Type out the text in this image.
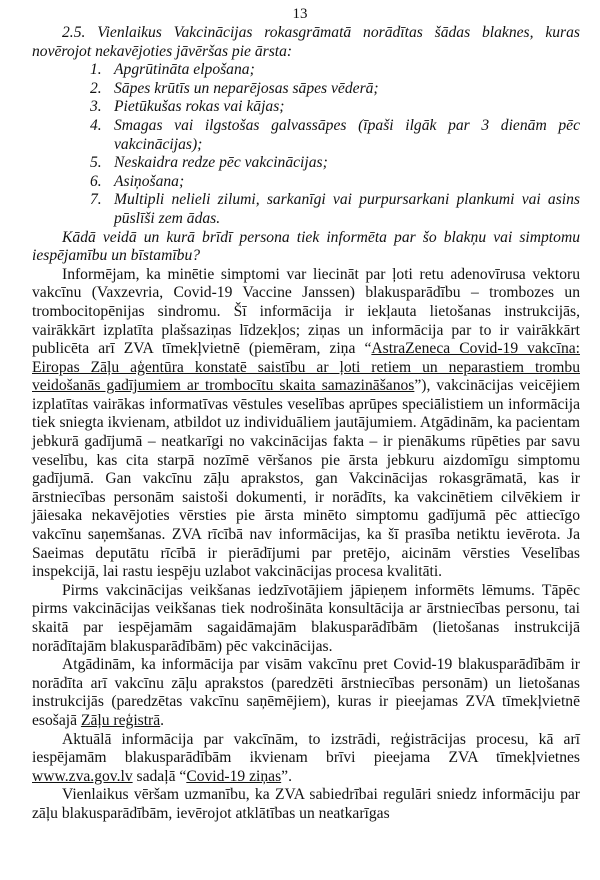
13

2.5. Vienlaikus Vakcinācijas rokasgrāmatā norādītas šādas blaknes, kuras novērojot nekavējoties jāvēršas pie ārsta:

1. Apgrūtināta elpošana;
2. Sāpes krūtīs un neparējosas sāpes vēderā;
3. Pietūkušas rokas vai kājas;
4. Smagas vai ilgstošas galvassāpes (īpaši ilgāk par 3 dienām pēc vakcinācijas);
5. Neskaidra redze pēc vakcinācijas;
6. Asiņošana;
7. Multipli nelieli zilumi, sarkanīgi vai purpursarkani plankumi vai asins pūslīši zem ādas.

Kādā veidā un kurā brīdī persona tiek informēta par šo blakņu vai simptomu iespējamību un bīstamību?

Informējam, ka minētie simptomi var liecināt par ļoti retu adenovīrusa vektoru vakcīnu (Vaxzevria, Covid-19 Vaccine Janssen) blakusparādību – trombozes un trombocitopēnijas sindromu. Šī informācija ir iekļauta lietošanas instrukcijās, vairākkārt izplatīta plašsaziņas līdzekļos; ziņas un informācija par to ir vairākkārt publicēta arī ZVA tīmekļvietnē (piemēram, ziņa “AstraZeneca Covid-19 vakcīna: Eiropas Zāļu aģentūra konstatē saistību ar ļoti retiem un neparastiem trombu veidošanās gadījumiem ar trombocītu skaita samazināšanos”), vakcinācijas veicējiem izplatītas vairākas informatīvas vēstules veselības aprūpes speciālistiem un informācija tiek sniegta ikvienam, atbildot uz individuāliem jautājumiem. Atgādinām, ka pacientam jebkurā gadījumā – neatkarīgi no vakcinācijas fakta – ir pienākums rūpēties par savu veselību, kas cita starpā nozīmē vēršanos pie ārsta jebkuru aizdomīgu simptomu gadījumā. Gan vakcīnu zāļu aprakstos, gan Vakcinācijas rokasgrāmatā, kas ir ārstniecības personām saistoši dokumenti, ir norādīts, ka vakcinētiem cilvēkiem ir jāiesaka nekavējoties vērsties pie ārsta minēto simptomu gadījumā pēc attiecīgo vakcīnu saņemšanas. ZVA rīcībā nav informācijas, ka šī prasība netiktu ievērota. Ja Saeimas deputātu rīcībā ir pierādījumi par pretējo, aicinām vērsties Veselības inspekcijā, lai rastu iespēju uzlabot vakcinācijas procesa kvalitāti.

Pirms vakcinācijas veikšanas iedzīvotājiem jāpieņem informēts lēmums. Tāpēc pirms vakcinācijas veikšanas tiek nodrošināta konsultācija ar ārstniecības personu, tai skaitā par iespējamām sagaidāmajām blakusparādībām (lietošanas instrukcijā norādītajām blakusparādībām) pēc vakcinācijas.

Atgādinām, ka informācija par visām vakcīnu pret Covid-19 blakusparādībām ir norādīta arī vakcīnu zāļu aprakstos (paredzēti ārstniecības personām) un lietošanas instrukcijās (paredzētas vakcīnu saņēmējiem), kuras ir pieejamas ZVA tīmekļvietnē esošajā Zāļu reģistrā.

Aktuālā informācija par vakcīnām, to izstrādi, reģistrācijas procesu, kā arī iespējamām blakusparādībām ikvienam brīvi pieejama ZVA tīmekļvietnes www.zva.gov.lv sadaļā “Covid-19 ziņas”.

Vienlaikus vēršam uzmanību, ka ZVA sabiedrībai regulāri sniedz informāciju par zāļu blakusparādībām, ievērojot atklātības un neatkarīgas
